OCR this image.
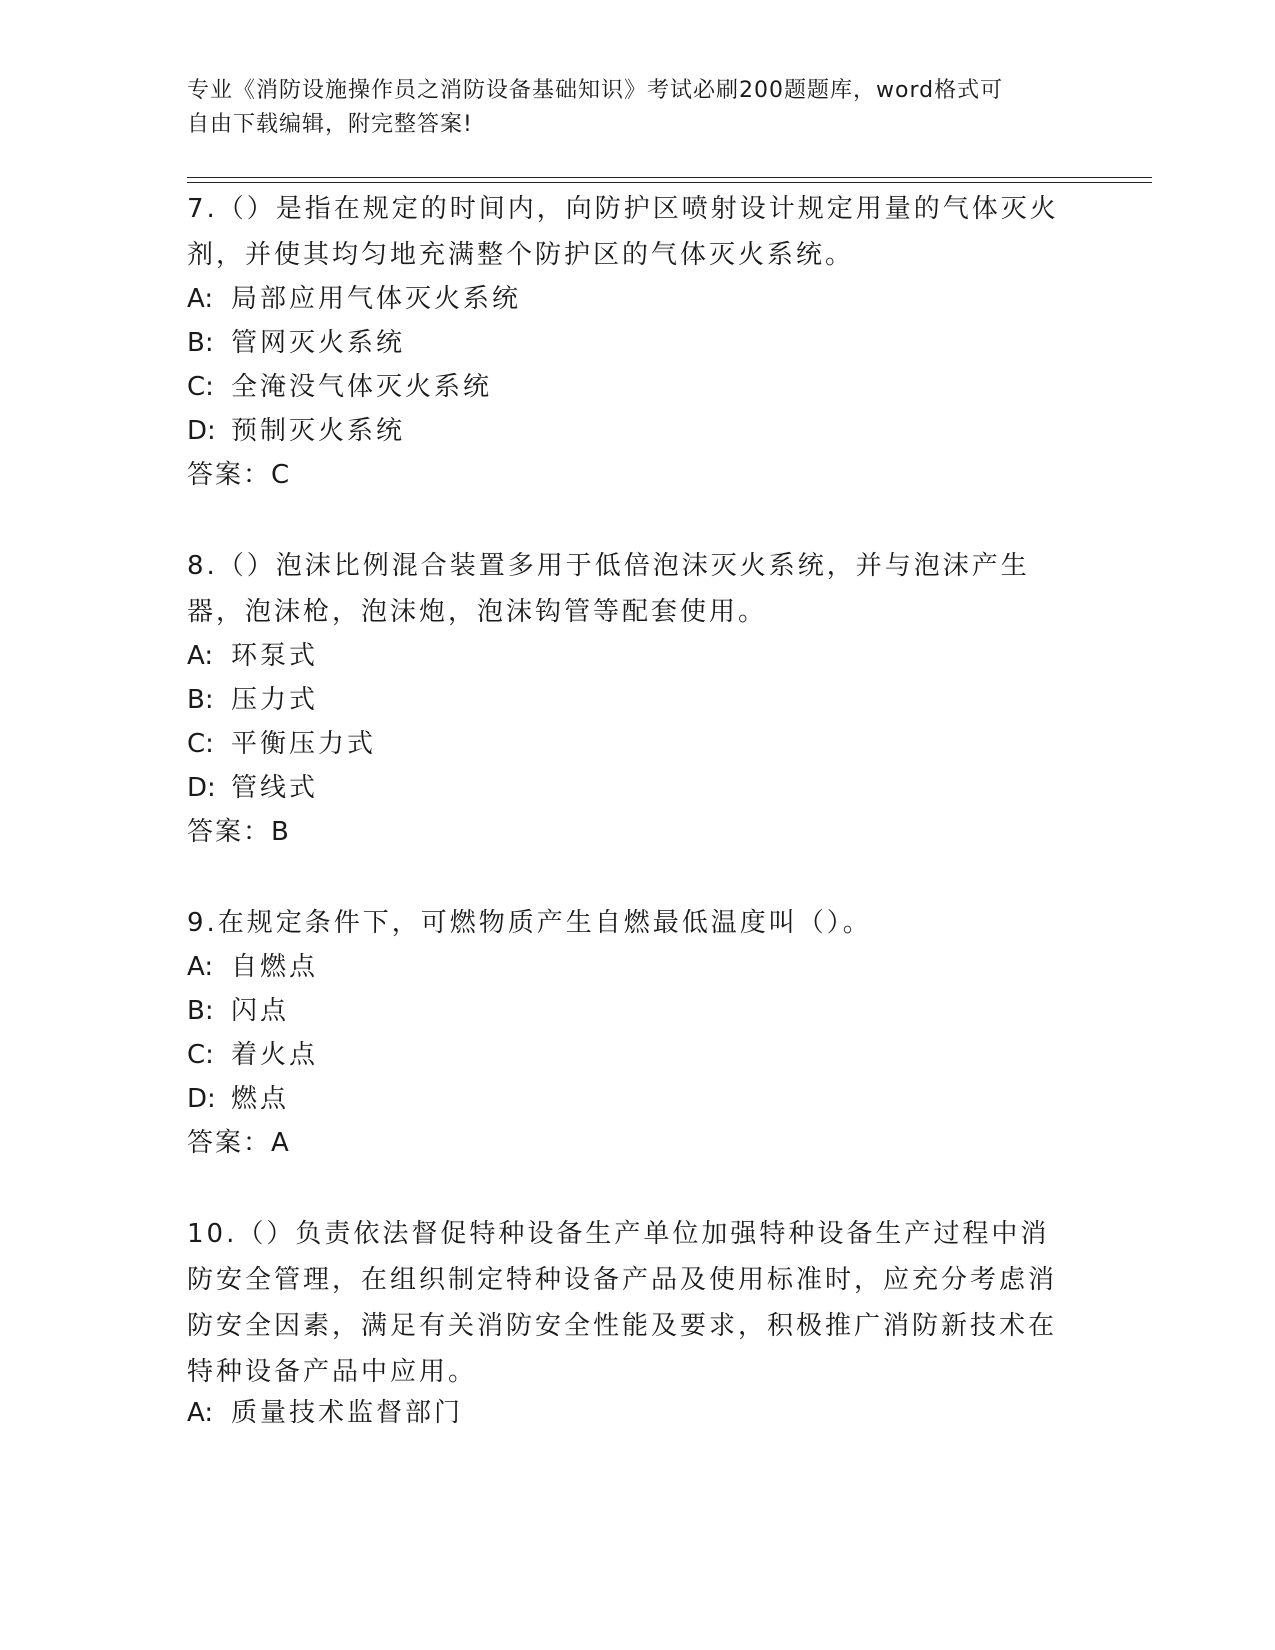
专业《消防设施操作员之消防设备基础知识》考试必刷200题题库，word格式可
自由下载编辑，附完整答案!
7.（）是指在规定的时间内，向防护区喷射设计规定用量的气体灭火剂，并使其均匀地充满整个防护区的气体灭火系统。
A: 局部应用气体灭火系统
B: 管网灭火系统
C: 全淹没气体灭火系统
D: 预制灭火系统
答案：C
8.（）泡沫比例混合装置多用于低倍泡沫灭火系统，并与泡沫产生器，泡沫枪，泡沫炮，泡沫钩管等配套使用。
A: 环泵式
B: 压力式
C: 平衡压力式
D: 管线式
答案：B
9.在规定条件下，可燃物质产生自燃最低温度叫（）。
A: 自燃点
B: 闪点
C: 着火点
D: 燃点
答案：A
10.（）负责依法督促特种设备生产单位加强特种设备生产过程中消防安全管理，在组织制定特种设备产品及使用标准时，应充分考虑消防安全因素，满足有关消防安全性能及要求，积极推广消防新技术在特种设备产品中应用。
A: 质量技术监督部门
